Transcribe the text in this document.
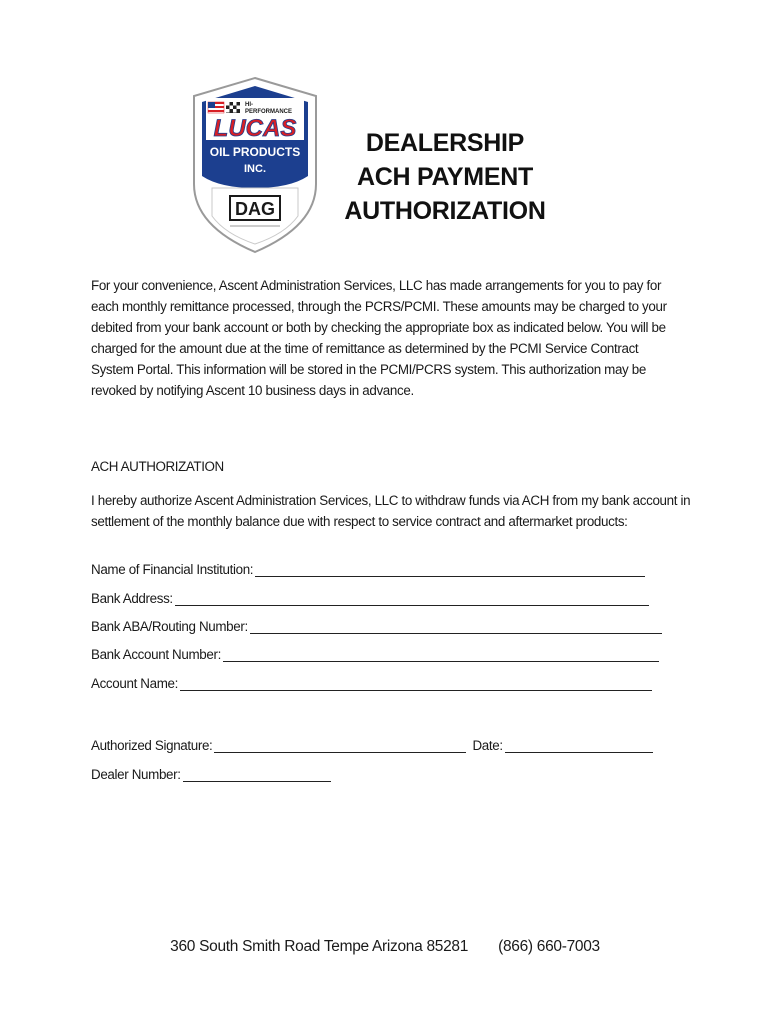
HI-
PERFORMANCE
LUCAS
OIL PRODUCTS
INC.
DAG
DEALERSHIP
ACH PAYMENT
AUTHORIZATION

For your convenience, Ascent Administration Services, LLC has made arrangements for you to pay for each monthly remittance processed, through the PCRS/PCMI. These amounts may be charged to your debited from your bank account or both by checking the appropriate box as indicated below. You will be charged for the amount due at the time of remittance as determined by the PCMI Service Contract System Portal. This information will be stored in the PCMI/PCRS system. This authorization may be revoked by notifying Ascent 10 business days in advance.

ACH AUTHORIZATION

I hereby authorize Ascent Administration Services, LLC to withdraw funds via ACH from my bank account in settlement of the monthly balance due with respect to service contract and aftermarket products:

Name of Financial Institution:
Bank Address:
Bank ABA/Routing Number:
Bank Account Number:
Account Name:
Authorized Signature:	Date:
Dealer Number:
360 South Smith Road Tempe Arizona 85281 (866) 660-7003
